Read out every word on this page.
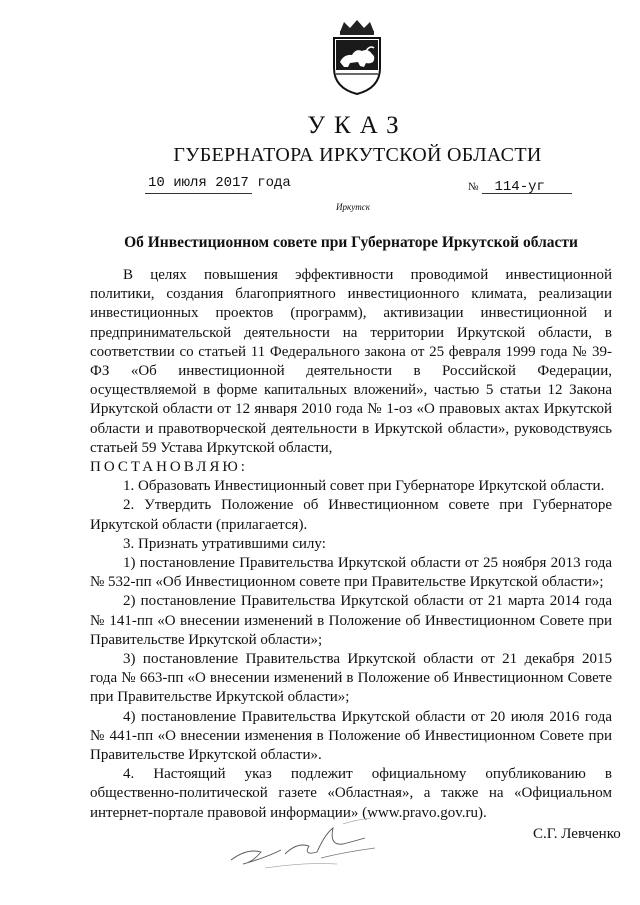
УКАЗ
ГУБЕРНАТОРА ИРКУТСКОЙ ОБЛАСТИ
10 июля 2017 года	№ 114-уг
Иркутск
Об Инвестиционном совете при Губернаторе Иркутской области

В целях повышения эффективности проводимой инвестиционной политики, создания благоприятного инвестиционного климата, реализации инвестиционных проектов (программ), активизации инвестиционной и предпринимательской деятельности на территории Иркутской области, в соответствии со статьей 11 Федерального закона от 25 февраля 1999 года № 39-ФЗ «Об инвестиционной деятельности в Российской Федерации, осуществляемой в форме капитальных вложений», частью 5 статьи 12 Закона Иркутской области от 12 января 2010 года № 1-оз «О правовых актах Иркутской области и правотворческой деятельности в Иркутской области», руководствуясь статьей 59 Устава Иркутской области,

ПОСТАНОВЛЯЮ:

1. Образовать Инвестиционный совет при Губернаторе Иркутской области.

2. Утвердить Положение об Инвестиционном совете при Губернаторе Иркутской области (прилагается).

3. Признать утратившими силу:

1) постановление Правительства Иркутской области от 25 ноября 2013 года № 532-пп «Об Инвестиционном совете при Правительстве Иркутской области»;

2) постановление Правительства Иркутской области от 21 марта 2014 года № 141-пп «О внесении изменений в Положение об Инвестиционном Совете при Правительстве Иркутской области»;

3) постановление Правительства Иркутской области от 21 декабря 2015 года № 663-пп «О внесении изменений в Положение об Инвестиционном Совете при Правительстве Иркутской области»;

4) постановление Правительства Иркутской области от 20 июля 2016 года № 441-пп «О внесении изменения в Положение об Инвестиционном Совете при Правительстве Иркутской области».

4. Настоящий указ подлежит официальному опубликованию в общественно-политической газете «Областная», а также на «Официальном интернет-портале правовой информации» (www.pravo.gov.ru).

С.Г. Левченко
